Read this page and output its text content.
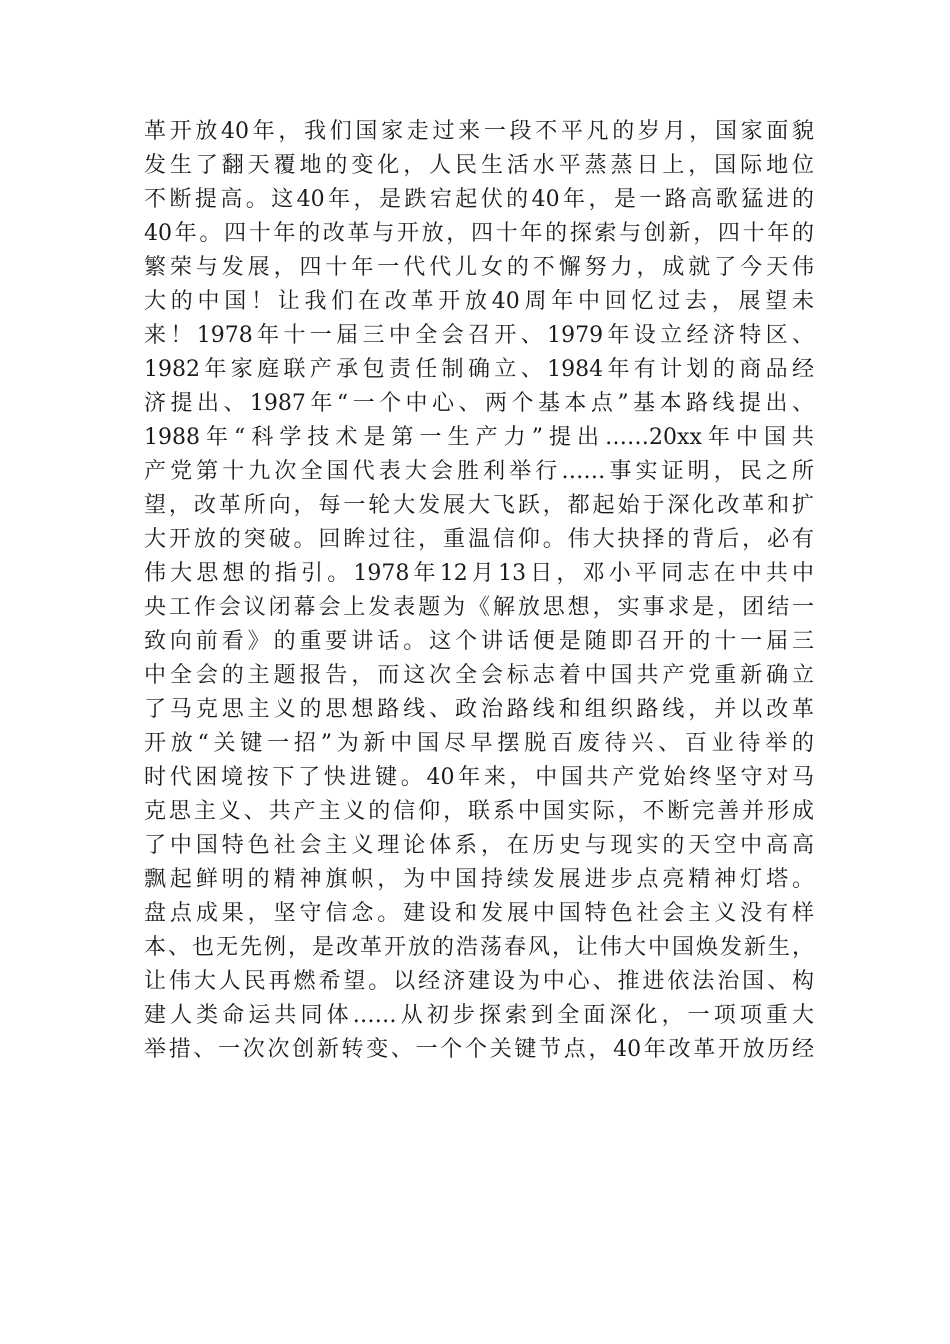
革开放40年，我们国家走过来一段不平凡的岁月，国家面貌
发生了翻天覆地的变化，人民生活水平蒸蒸日上，国际地位
不断提高。这40年，是跌宕起伏的40年，是一路高歌猛进的
40年。四十年的改革与开放，四十年的探索与创新，四十年的
繁荣与发展，四十年一代代儿女的不懈努力，成就了今天伟
大的中国！让我们在改革开放40周年中回忆过去，展望未
来！1978年十一届三中全会召开、1979年设立经济特区、
1982年家庭联产承包责任制确立、1984年有计划的商品经
济提出、1987年“一个中心、两个基本点”基本路线提出、
1988年“科学技术是第一生产力”提出……20xx年中国共
产党第十九次全国代表大会胜利举行……事实证明，民之所
望，改革所向，每一轮大发展大飞跃，都起始于深化改革和扩
大开放的突破。回眸过往，重温信仰。伟大抉择的背后，必有
伟大思想的指引。1978年12月13日，邓小平同志在中共中
央工作会议闭幕会上发表题为《解放思想，实事求是，团结一
致向前看》的重要讲话。这个讲话便是随即召开的十一届三
中全会的主题报告，而这次全会标志着中国共产党重新确立
了马克思主义的思想路线、政治路线和组织路线，并以改革
开放“关键一招”为新中国尽早摆脱百废待兴、百业待举的
时代困境按下了快进键。40年来，中国共产党始终坚守对马
克思主义、共产主义的信仰，联系中国实际，不断完善并形成
了中国特色社会主义理论体系，在历史与现实的天空中高高
飘起鲜明的精神旗帜，为中国持续发展进步点亮精神灯塔。
盘点成果，坚守信念。建设和发展中国特色社会主义没有样
本、也无先例，是改革开放的浩荡春风，让伟大中国焕发新生，
让伟大人民再燃希望。以经济建设为中心、推进依法治国、构
建人类命运共同体……从初步探索到全面深化，一项项重大
举措、一次次创新转变、一个个关键节点，40年改革开放历经
